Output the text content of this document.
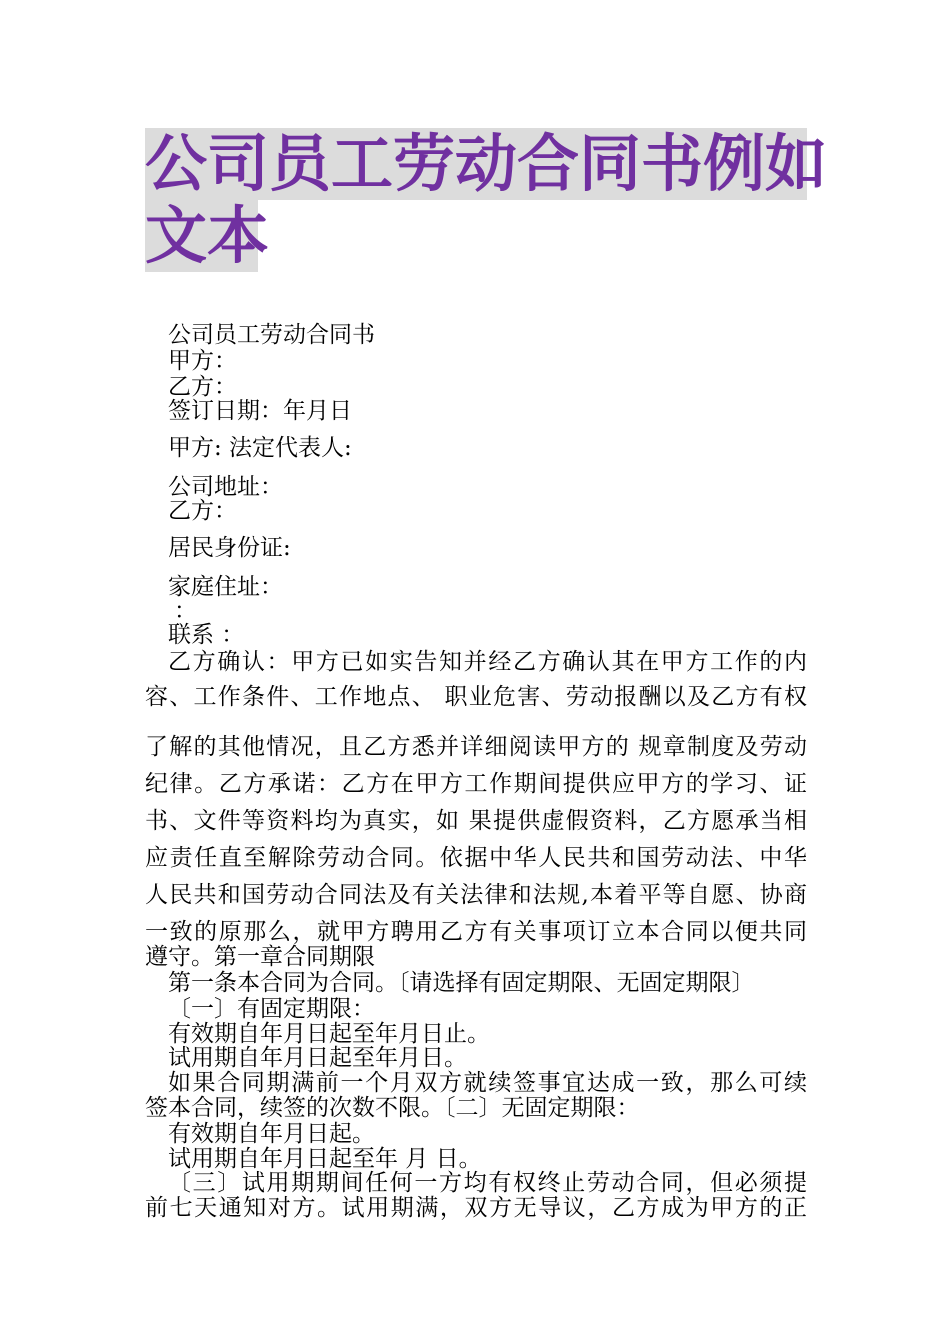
公司员工劳动合同书例如
文本
公司员工劳动合同书
甲方：
乙方：
签订日期：年月日
甲方: 法定代表人:
公司地址：
乙方：
居民身份证:
家庭住址：
：
联系 ：
乙方确认：甲方已如实告知并经乙方确认其在甲方工作的内
容、工作条件、工作地点、 职业危害、劳动报酬以及乙方有权
了解的其他情况，且乙方悉并详细阅读甲方的 规章制度及劳动
纪律。乙方承诺：乙方在甲方工作期间提供应甲方的学习、证
书、文件等资料均为真实，如 果提供虚假资料，乙方愿承当相
应责任直至解除劳动合同。依据中华人民共和国劳动法、中华
人民共和国劳动合同法及有关法律和法规,本着平等自愿、协商
一致的原那么，就甲方聘用乙方有关事项订立本合同以便共同
遵守。第一章合同期限
第一条本合同为合同。〔请选择有固定期限、无固定期限〕
〔一〕有固定期限：
有效期自年月日起至年月日止。
试用期自年月日起至年月日。
如果合同期满前一个月双方就续签事宜达成一致，那么可续
签本合同，续签的次数不限。〔二〕无固定期限：
有效期自年月日起。
试用期自年月日起至年 月 日。
〔三〕试用期期间任何一方均有权终止劳动合同，但必须提
前七天通知对方。试用期满，双方无导议，乙方成为甲方的正
